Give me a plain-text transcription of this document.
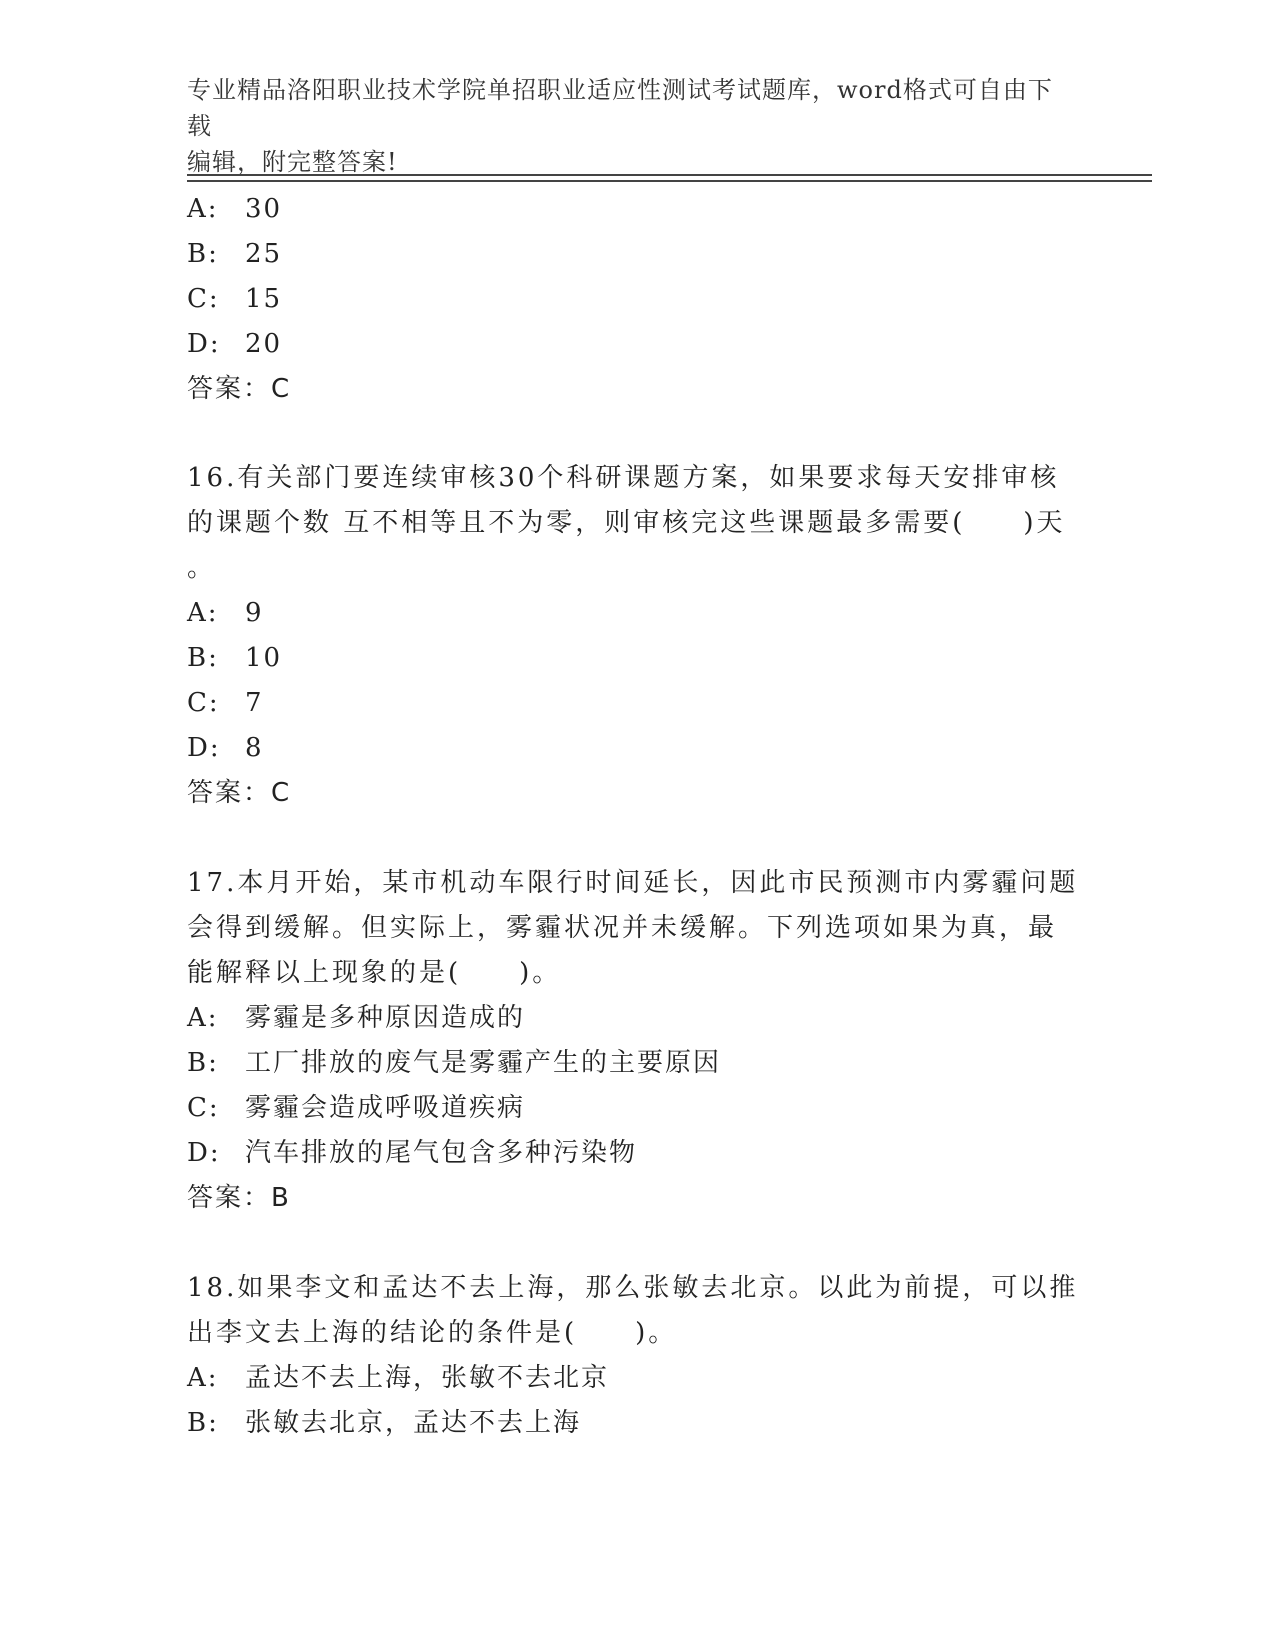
专业精品洛阳职业技术学院单招职业适应性测试考试题库，word格式可自由下载
编辑，附完整答案!
A: 30
B: 25
C: 15
D: 20
答案：C
16.有关部门要连续审核30个科研课题方案，如果要求每天安排审核
的课题个数 互不相等且不为零，则审核完这些课题最多需要(　　)天
。
A: 9
B: 10
C: 7
D: 8
答案：C
17.本月开始，某市机动车限行时间延长，因此市民预测市内雾霾问题
会得到缓解。但实际上，雾霾状况并未缓解。下列选项如果为真，最
能解释以上现象的是(　　)。
A: 雾霾是多种原因造成的
B: 工厂排放的废气是雾霾产生的主要原因
C: 雾霾会造成呼吸道疾病
D: 汽车排放的尾气包含多种污染物
答案：B
18.如果李文和孟达不去上海，那么张敏去北京。以此为前提，可以推
出李文去上海的结论的条件是(　　)。
A: 孟达不去上海，张敏不去北京
B: 张敏去北京，孟达不去上海
